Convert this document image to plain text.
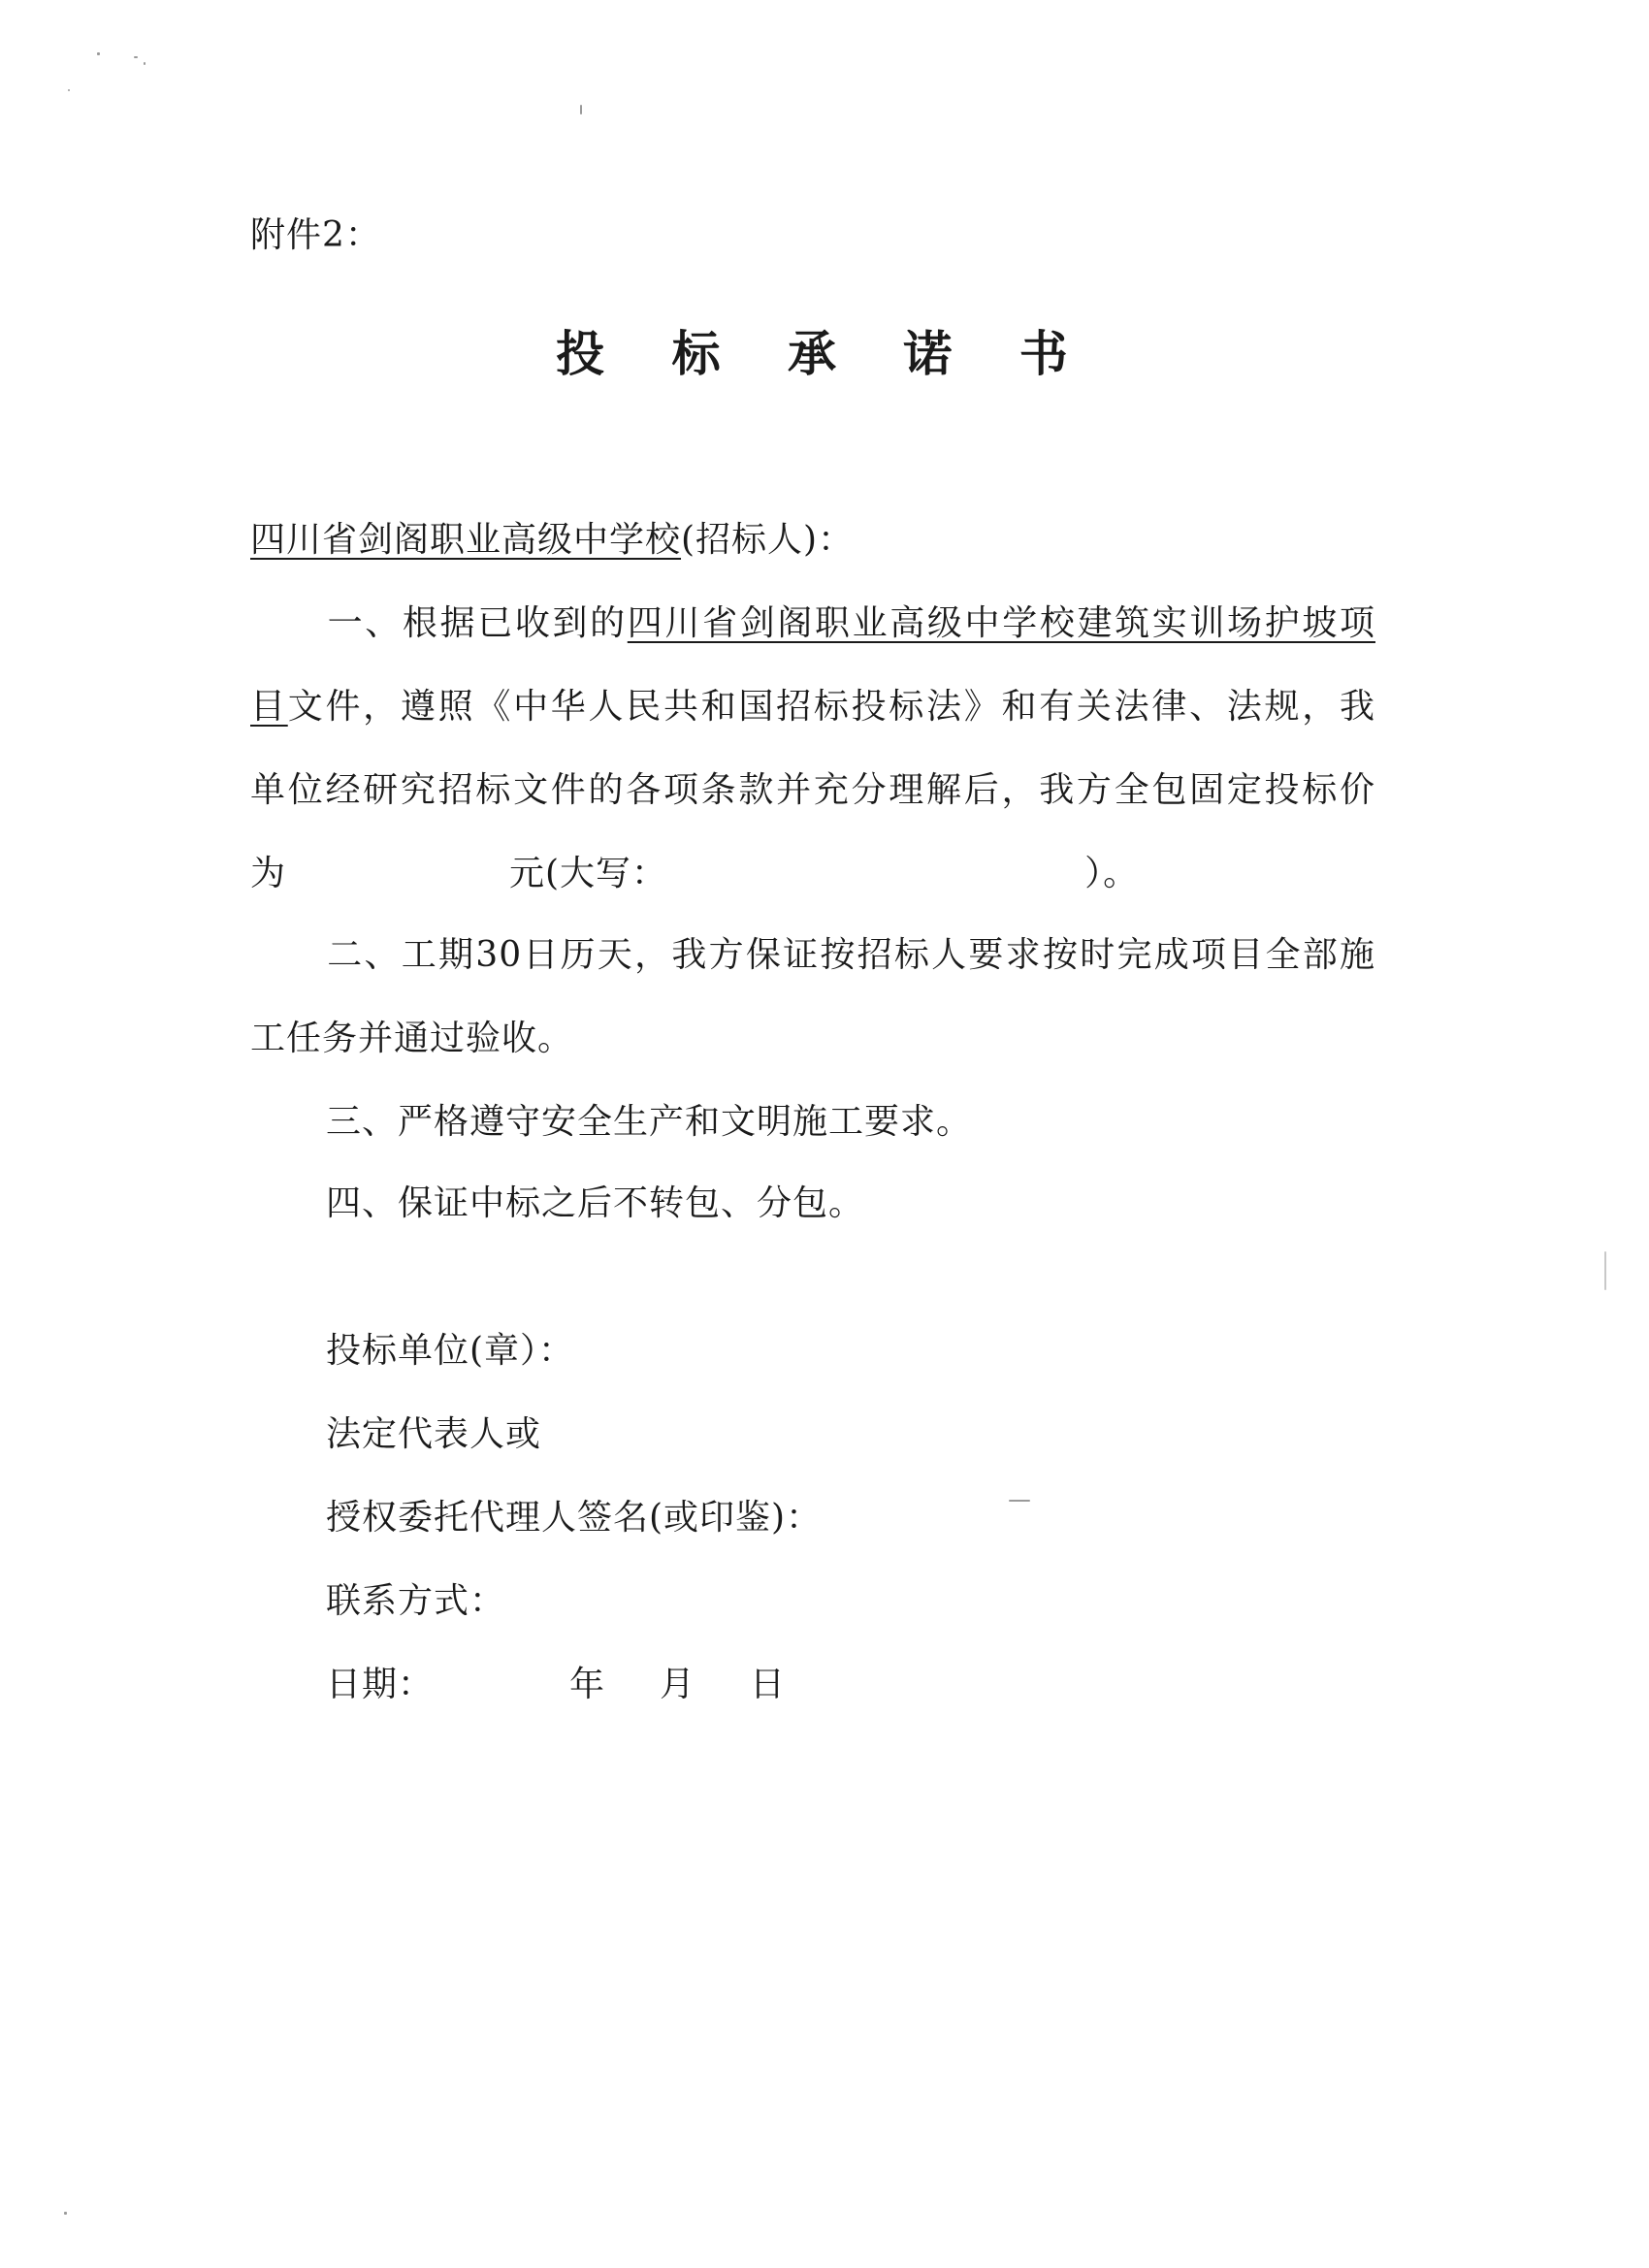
附件2：
投 标 承 诺 书
四川省剑阁职业高级中学校(招标人)：
一、根据已收到的四川省剑阁职业高级中学校建筑实训场护坡项
目文件，遵照《中华人民共和国招标投标法》和有关法律、法规，我
单位经研究招标文件的各项条款并充分理解后，我方全包固定投标价
为	元(大写：	）。
二、工期30日历天，我方保证按招标人要求按时完成项目全部施
工任务并通过验收。
三、严格遵守安全生产和文明施工要求。
四、保证中标之后不转包、分包。
投标单位(章）：
法定代表人或
授权委托代理人签名(或印鉴)：
联系方式：
日期：	年 月 日
